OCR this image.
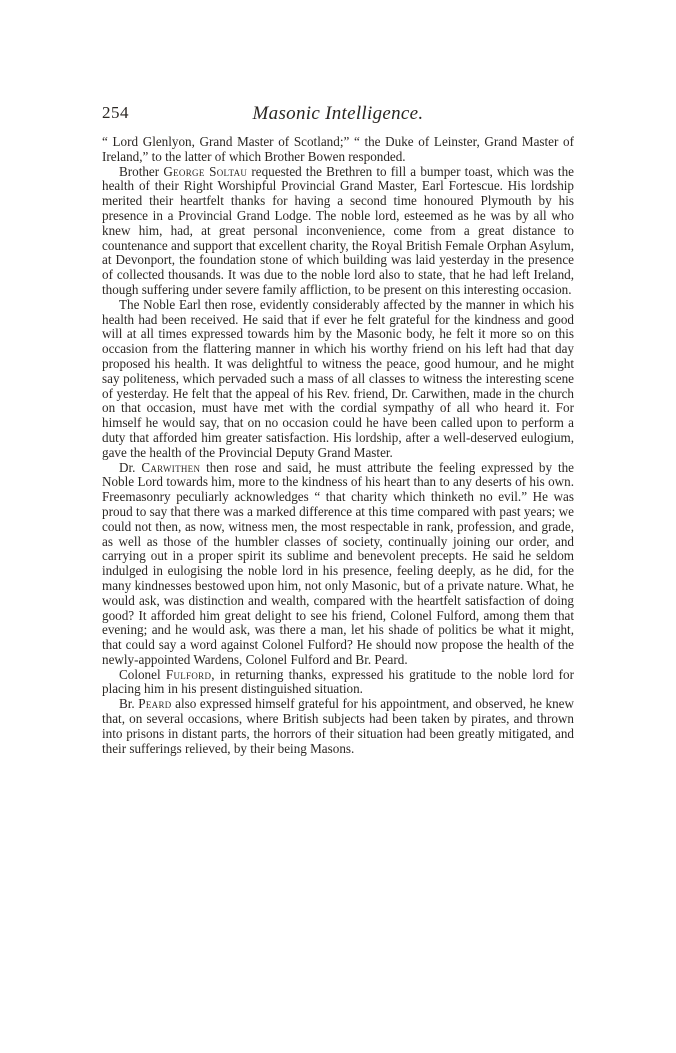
254	Masonic Intelligence.

“ Lord Glenlyon, Grand Master of Scotland;” “ the Duke of Leinster, Grand Master of Ireland,” to the latter of which Brother Bowen responded.

Brother George Soltau requested the Brethren to fill a bumper toast, which was the health of their Right Worshipful Provincial Grand Master, Earl Fortescue. His lordship merited their heartfelt thanks for having a second time honoured Plymouth by his presence in a Provincial Grand Lodge. The noble lord, esteemed as he was by all who knew him, had, at great personal inconvenience, come from a great distance to countenance and support that excellent charity, the Royal British Female Orphan Asylum, at Devonport, the foundation stone of which building was laid yesterday in the presence of collected thousands. It was due to the noble lord also to state, that he had left Ireland, though suffering under severe family affliction, to be present on this interesting occasion.

The Noble Earl then rose, evidently considerably affected by the manner in which his health had been received. He said that if ever he felt grateful for the kindness and good will at all times expressed towards him by the Masonic body, he felt it more so on this occasion from the flattering manner in which his worthy friend on his left had that day proposed his health. It was delightful to witness the peace, good humour, and he might say politeness, which pervaded such a mass of all classes to witness the interesting scene of yesterday. He felt that the appeal of his Rev. friend, Dr. Carwithen, made in the church on that occasion, must have met with the cordial sympathy of all who heard it. For himself he would say, that on no occasion could he have been called upon to perform a duty that afforded him greater satisfaction. His lordship, after a well-deserved eulogium, gave the health of the Provincial Deputy Grand Master.

Dr. Carwithen then rose and said, he must attribute the feeling expressed by the Noble Lord towards him, more to the kindness of his heart than to any deserts of his own. Freemasonry peculiarly acknowledges “ that charity which thinketh no evil.” He was proud to say that there was a marked difference at this time compared with past years; we could not then, as now, witness men, the most respectable in rank, profession, and grade, as well as those of the humbler classes of society, continually joining our order, and carrying out in a proper spirit its sublime and benevolent precepts. He said he seldom indulged in eulogising the noble lord in his presence, feeling deeply, as he did, for the many kindnesses bestowed upon him, not only Masonic, but of a private nature. What, he would ask, was distinction and wealth, compared with the heartfelt satisfaction of doing good? It afforded him great delight to see his friend, Colonel Fulford, among them that evening; and he would ask, was there a man, let his shade of politics be what it might, that could say a word against Colonel Fulford? He should now propose the health of the newly-appointed Wardens, Colonel Fulford and Br. Peard.

Colonel Fulford, in returning thanks, expressed his gratitude to the noble lord for placing him in his present distinguished situation.

Br. Peard also expressed himself grateful for his appointment, and observed, he knew that, on several occasions, where British subjects had been taken by pirates, and thrown into prisons in distant parts, the horrors of their situation had been greatly mitigated, and their sufferings relieved, by their being Masons.
